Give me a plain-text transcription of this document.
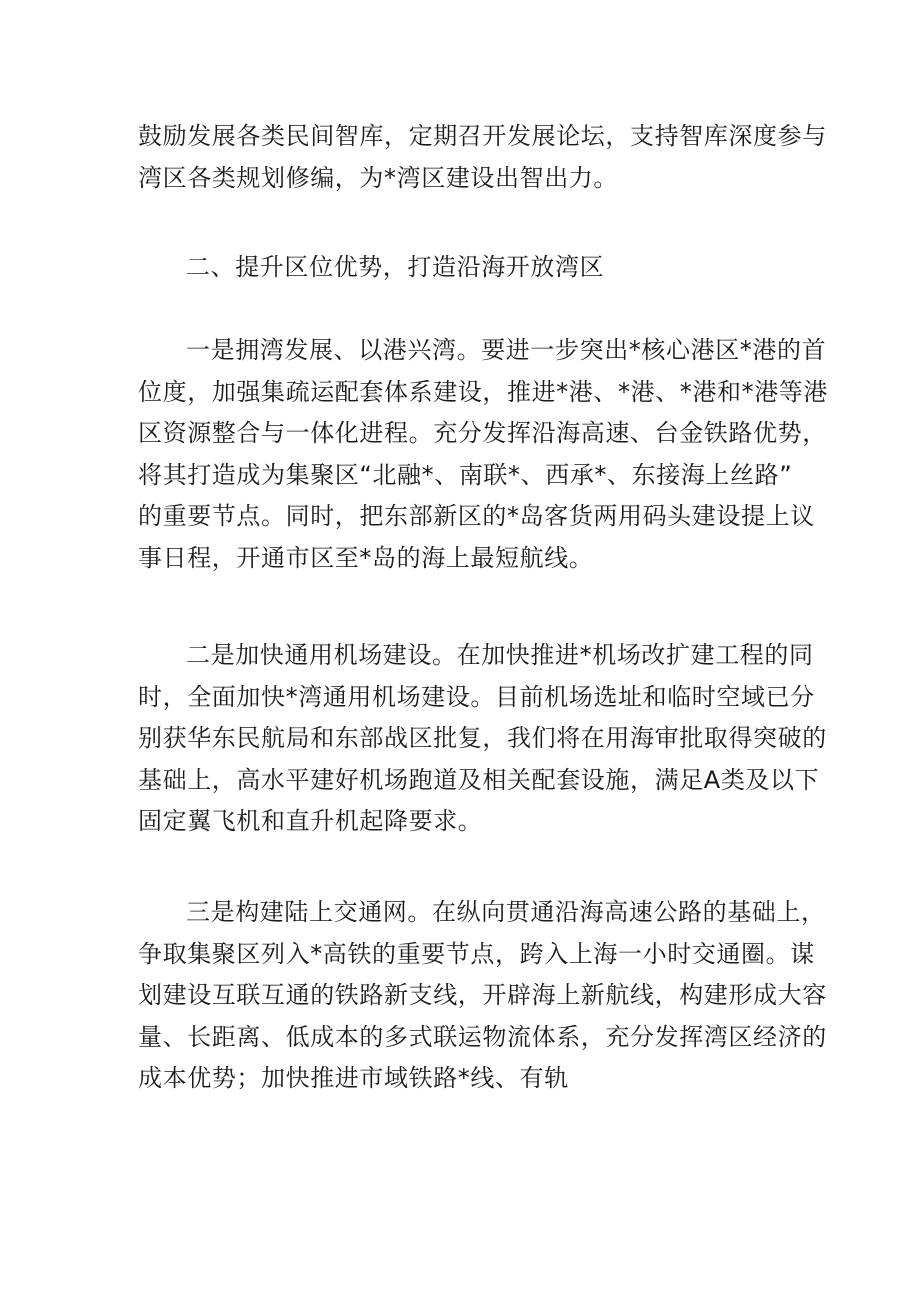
鼓励发展各类民间智库，定期召开发展论坛，支持智库深度参与
湾区各类规划修编，为*湾区建设出智出力。
二、提升区位优势，打造沿海开放湾区
一是拥湾发展、以港兴湾。要进一步突出*核心港区*港的首
位度，加强集疏运配套体系建设，推进*港、*港、*港和*港等港
区资源整合与一体化进程。充分发挥沿海高速、台金铁路优势，
将其打造成为集聚区“北融*、南联*、西承*、东接海上丝路”
的重要节点。同时，把东部新区的*岛客货两用码头建设提上议
事日程，开通市区至*岛的海上最短航线。
二是加快通用机场建设。在加快推进*机场改扩建工程的同
时，全面加快*湾通用机场建设。目前机场选址和临时空域已分
别获华东民航局和东部战区批复，我们将在用海审批取得突破的
基础上，高水平建好机场跑道及相关配套设施，满足A类及以下
固定翼飞机和直升机起降要求。
三是构建陆上交通网。在纵向贯通沿海高速公路的基础上，
争取集聚区列入*高铁的重要节点，跨入上海一小时交通圈。谋
划建设互联互通的铁路新支线，开辟海上新航线，构建形成大容
量、长距离、低成本的多式联运物流体系，充分发挥湾区经济的
成本优势；加快推进市域铁路*线、有轨
